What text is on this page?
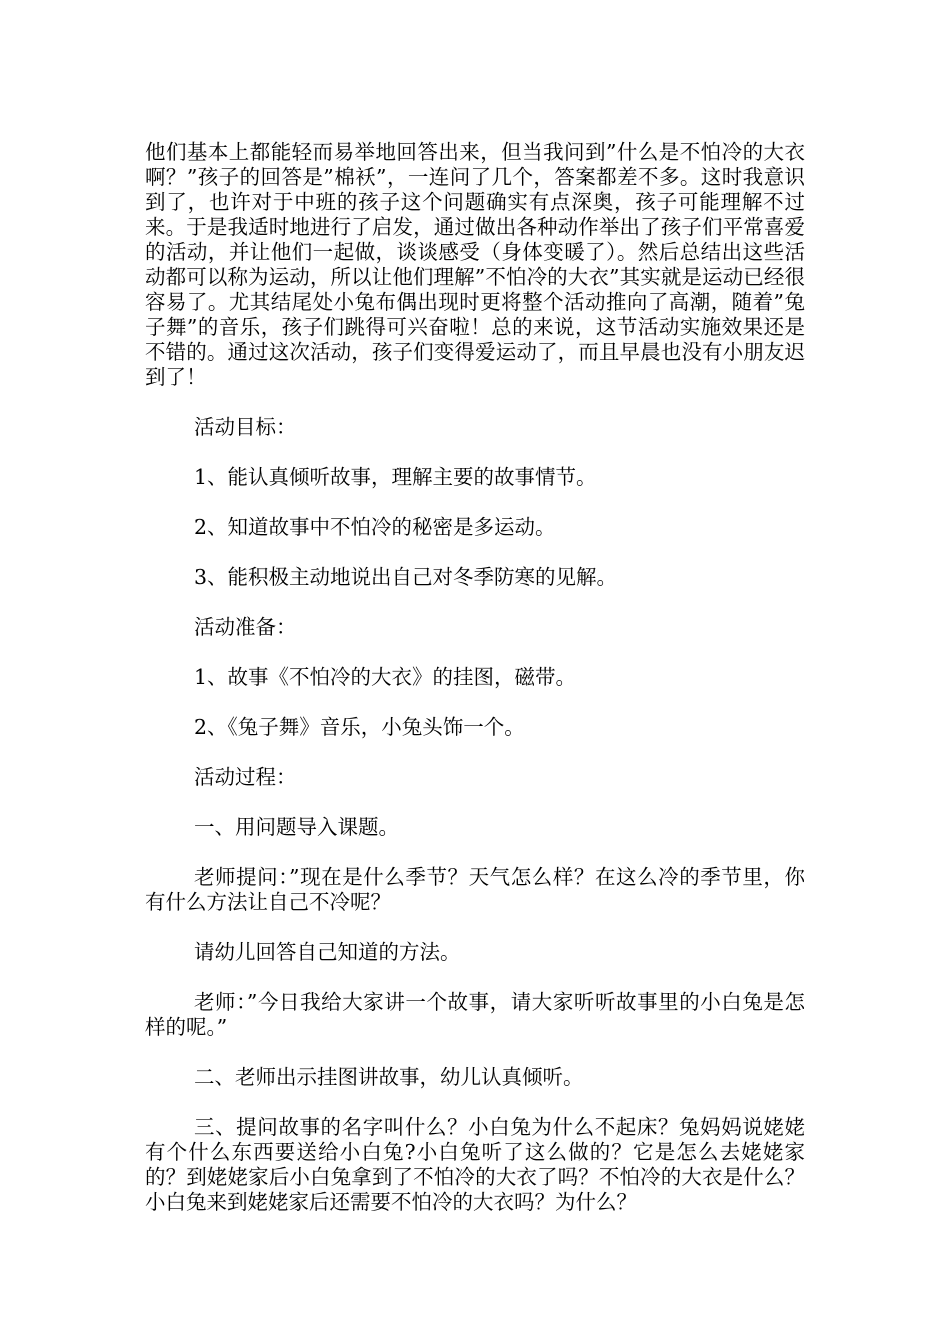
他们基本上都能轻而易举地回答出来，但当我问到”什么是不怕冷的大衣啊？”孩子的回答是”棉袄”，一连问了几个，答案都差不多。这时我意识到了，也许对于中班的孩子这个问题确实有点深奥，孩子可能理解不过来。于是我适时地进行了启发，通过做出各种动作举出了孩子们平常喜爱的活动，并让他们一起做，谈谈感受（身体变暖了）。然后总结出这些活动都可以称为运动，所以让他们理解”不怕冷的大衣”其实就是运动已经很容易了。尤其结尾处小兔布偶出现时更将整个活动推向了高潮，随着”兔子舞”的音乐，孩子们跳得可兴奋啦！总的来说，这节活动实施效果还是不错的。通过这次活动，孩子们变得爱运动了，而且早晨也没有小朋友迟到了！

活动目标：

1、能认真倾听故事，理解主要的故事情节。

2、知道故事中不怕冷的秘密是多运动。

3、能积极主动地说出自己对冬季防寒的见解。

活动准备：

1、故事《不怕冷的大衣》的挂图，磁带。

2、《兔子舞》音乐，小兔头饰一个。

活动过程：

一、用问题导入课题。

老师提问：”现在是什么季节？天气怎么样？在这么冷的季节里，你有什么方法让自己不冷呢？

请幼儿回答自己知道的方法。

老师：”今日我给大家讲一个故事，请大家听听故事里的小白兔是怎样的呢。”

二、老师出示挂图讲故事，幼儿认真倾听。

三、提问故事的名字叫什么？小白兔为什么不起床？兔妈妈说姥姥有个什么东西要送给小白兔?小白兔听了这么做的？它是怎么去姥姥家的？到姥姥家后小白兔拿到了不怕冷的大衣了吗？不怕冷的大衣是什么？小白兔来到姥姥家后还需要不怕冷的大衣吗？为什么？
